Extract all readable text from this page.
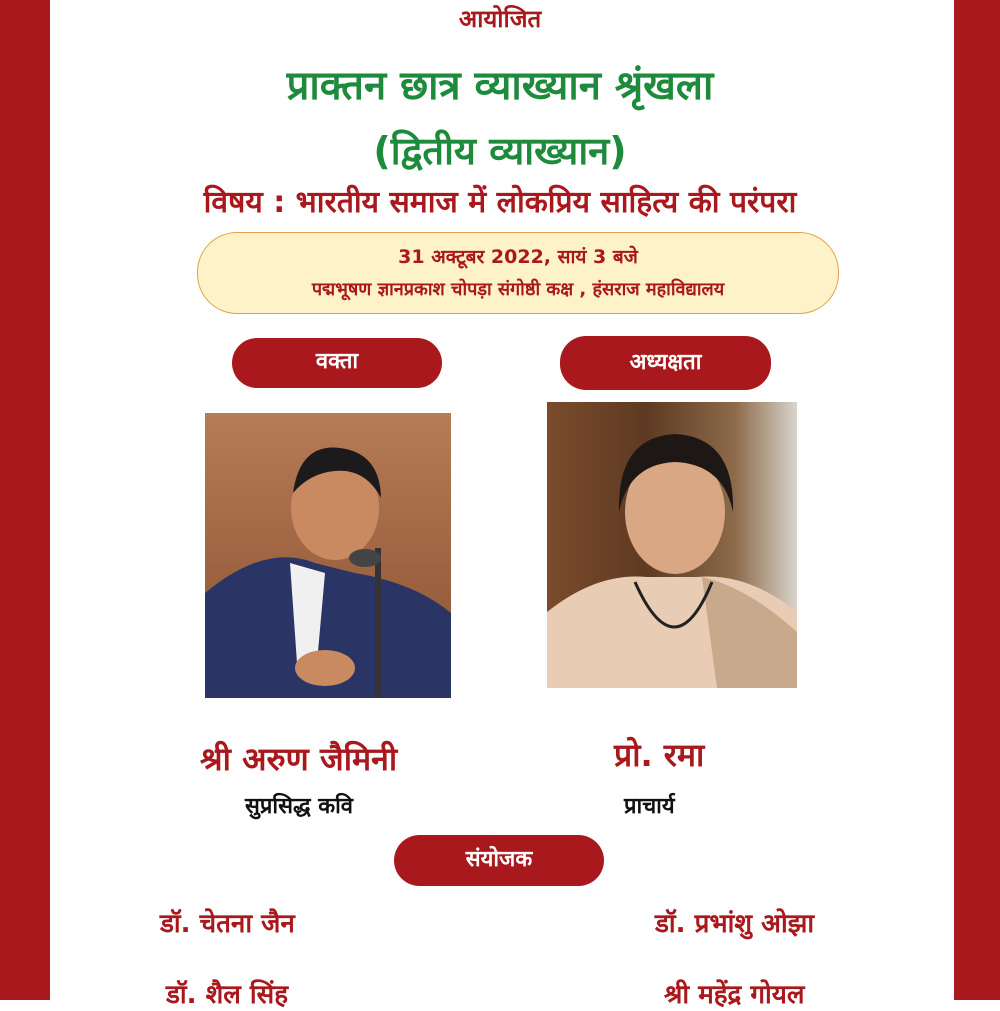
आयोजित
प्राक्तन छात्र व्याख्यान श्रृंखला
(द्वितीय व्याख्यान)
विषय : भारतीय समाज में लोकप्रिय साहित्य की परंपरा
31 अक्टूबर 2022, सायं 3 बजे
पद्मभूषण ज्ञानप्रकाश चोपड़ा संगोष्ठी कक्ष , हंसराज महाविद्यालय
वक्ता	अध्यक्षता
श्री अरुण जैमिनी
सुप्रसिद्ध कवि
प्रो. रमा
प्राचार्य
संयोजक
डॉ. चेतना जैन	डॉ. प्रभांशु ओझा
डॉ. शैल सिंह	श्री महेंद्र गोयल
